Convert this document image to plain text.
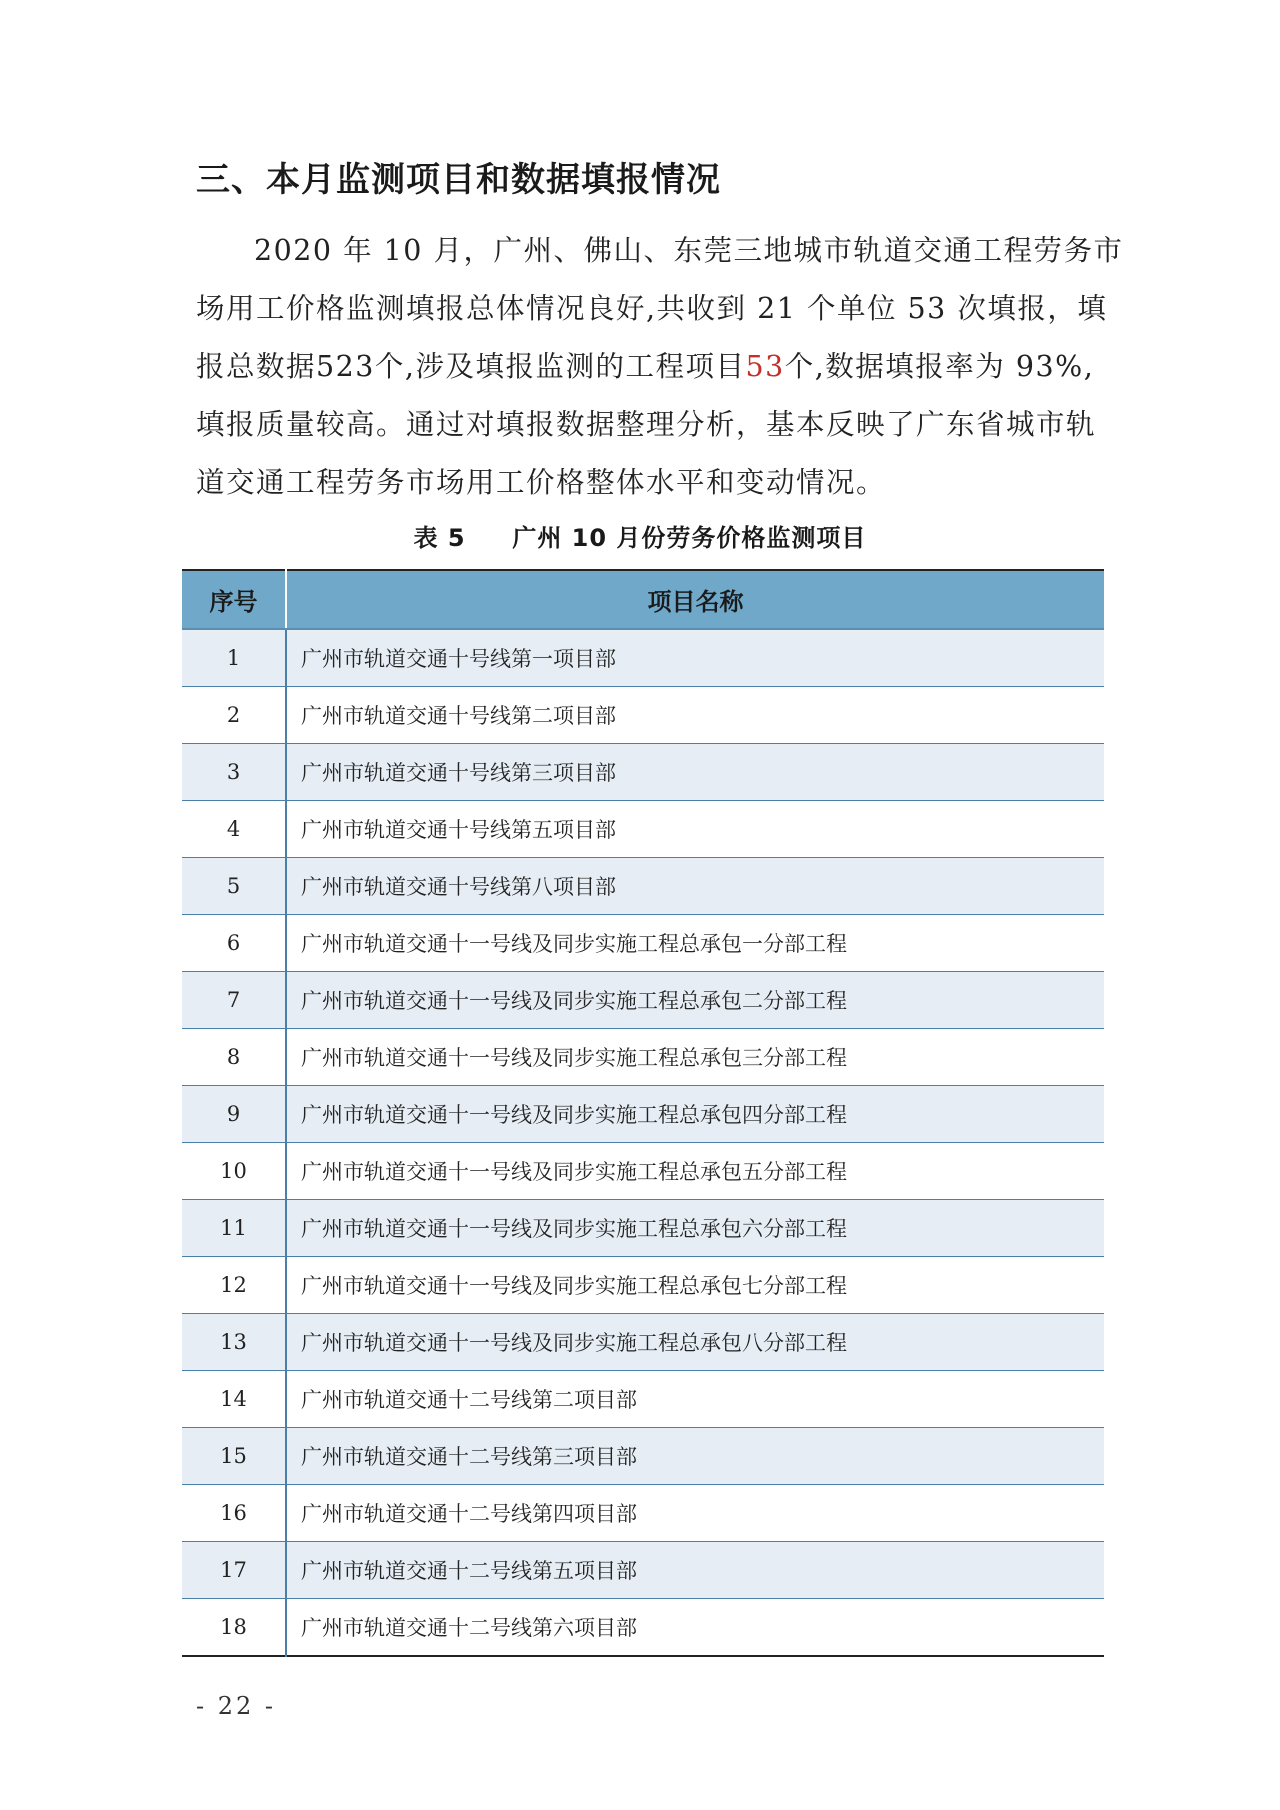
三、本月监测项目和数据填报情况
2020 年 10 月，广州、佛山、东莞三地城市轨道交通工程劳务市
场用工价格监测填报总体情况良好,共收到 21 个单位 53 次填报，填
报总数据523个,涉及填报监测的工程项目53个,数据填报率为 93%,
填报质量较高。通过对填报数据整理分析，基本反映了广东省城市轨
道交通工程劳务市场用工价格整体水平和变动情况。
表 5 广州 10 月份劳务价格监测项目
序号	项目名称
1	广州市轨道交通十号线第一项目部
2	广州市轨道交通十号线第二项目部
3	广州市轨道交通十号线第三项目部
4	广州市轨道交通十号线第五项目部
5	广州市轨道交通十号线第八项目部
6	广州市轨道交通十一号线及同步实施工程总承包一分部工程
7	广州市轨道交通十一号线及同步实施工程总承包二分部工程
8	广州市轨道交通十一号线及同步实施工程总承包三分部工程
9	广州市轨道交通十一号线及同步实施工程总承包四分部工程
10	广州市轨道交通十一号线及同步实施工程总承包五分部工程
11	广州市轨道交通十一号线及同步实施工程总承包六分部工程
12	广州市轨道交通十一号线及同步实施工程总承包七分部工程
13	广州市轨道交通十一号线及同步实施工程总承包八分部工程
14	广州市轨道交通十二号线第二项目部
15	广州市轨道交通十二号线第三项目部
16	广州市轨道交通十二号线第四项目部
17	广州市轨道交通十二号线第五项目部
18	广州市轨道交通十二号线第六项目部
- 22 -
